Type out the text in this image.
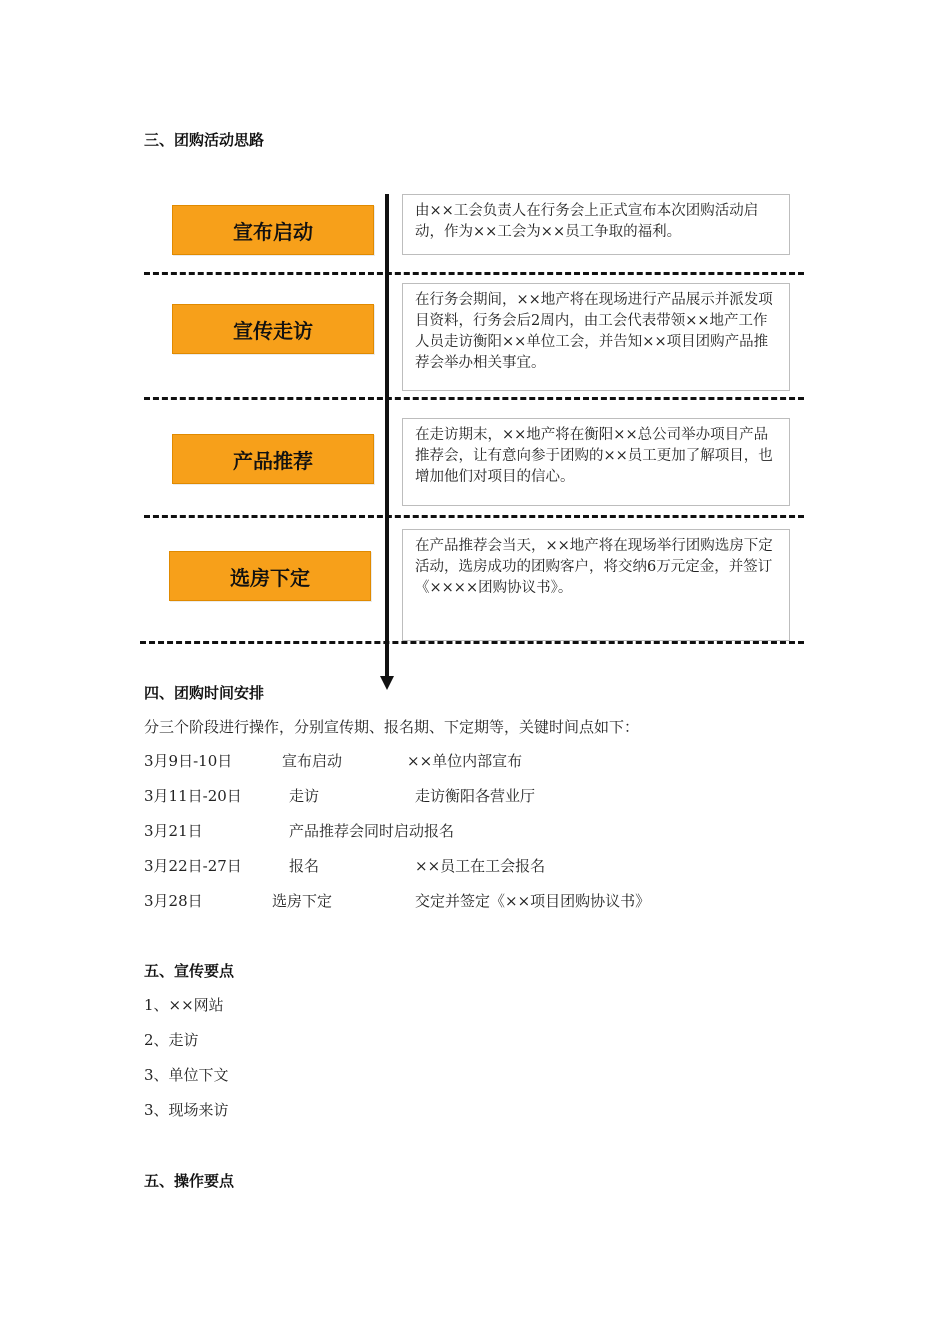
三、团购活动思路
宣布启动
由××工会负责人在行务会上正式宣布本次团购活动启动，作为××工会为××员工争取的福利。
宣传走访
在行务会期间，××地产将在现场进行产品展示并派发项目资料，行务会后2周内，由工会代表带领××地产工作人员走访衡阳××单位工会，并告知××项目团购产品推荐会举办相关事宜。
产品推荐
在走访期末，××地产将在衡阳××总公司举办项目产品推荐会，让有意向参于团购的××员工更加了解项目，也增加他们对项目的信心。
选房下定
在产品推荐会当天，××地产将在现场举行团购选房下定活动，选房成功的团购客户，将交纳6万元定金，并签订《××××团购协议书》。
四、团购时间安排
分三个阶段进行操作，分别宣传期、报名期、下定期等，关键时间点如下：
3月9日-10日	宣布启动	××单位内部宣布
3月11日-20日	走访	走访衡阳各营业厅
3月21日	产品推荐会同时启动报名
3月22日-27日	报名	××员工在工会报名
3月28日	选房下定	交定并签定《××项目团购协议书》
五、宣传要点
1、××网站
2、走访
3、单位下文
3、现场来访
五、操作要点
